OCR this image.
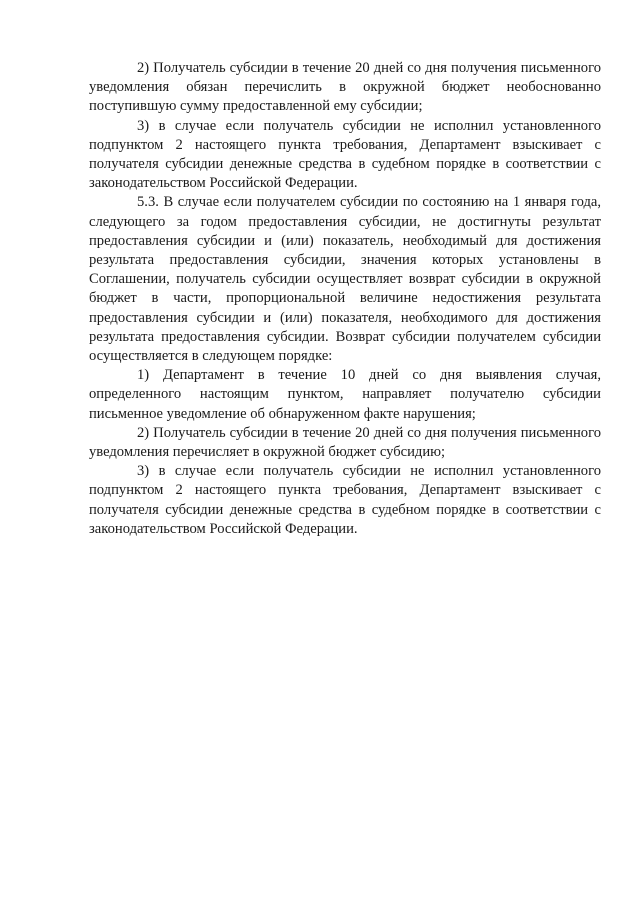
2) Получатель субсидии в течение 20 дней со дня получения письменного уведомления обязан перечислить в окружной бюджет необоснованно поступившую сумму предоставленной ему субсидии;

3) в случае если получатель субсидии не исполнил установленного подпунктом 2 настоящего пункта требования, Департамент взыскивает с получателя субсидии денежные средства в судебном порядке в соответствии с законодательством Российской Федерации.

5.3. В случае если получателем субсидии по состоянию на 1 января года, следующего за годом предоставления субсидии, не достигнуты результат предоставления субсидии и (или) показатель, необходимый для достижения результата предоставления субсидии, значения которых установлены в Соглашении, получатель субсидии осуществляет возврат субсидии в окружной бюджет в части, пропорциональной величине недостижения результата предоставления субсидии и (или) показателя, необходимого для достижения результата предоставления субсидии. Возврат субсидии получателем субсидии осуществляется в следующем порядке:

1) Департамент в течение 10 дней со дня выявления случая, определенного настоящим пунктом, направляет получателю субсидии письменное уведомление об обнаруженном факте нарушения;

2) Получатель субсидии в течение 20 дней со дня получения письменного уведомления перечисляет в окружной бюджет субсидию;

3) в случае если получатель субсидии не исполнил установленного подпунктом 2 настоящего пункта требования, Департамент взыскивает с получателя субсидии денежные средства в судебном порядке в соответствии с законодательством Российской Федерации.
